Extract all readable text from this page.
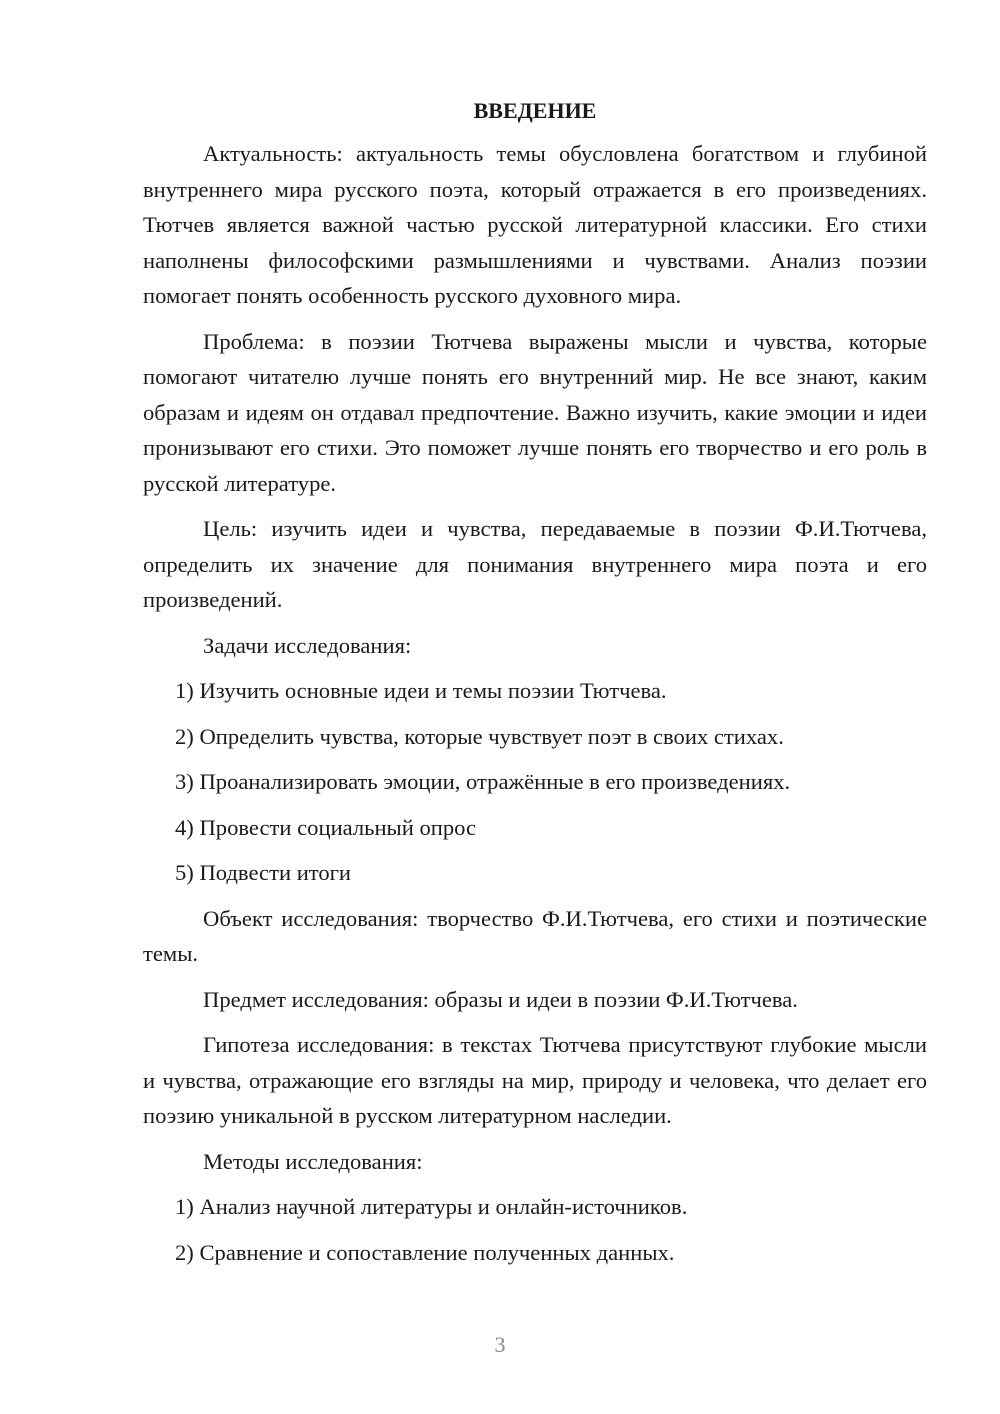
ВВЕДЕНИЕ

Актуальность: актуальность темы обусловлена богатством и глубиной внутреннего мира русского поэта, который отражается в его произведениях. Тютчев является важной частью русской литературной классики. Его стихи наполнены философскими размышлениями и чувствами. Анализ поэзии помогает понять особенность русского духовного мира.

Проблема: в поэзии Тютчева выражены мысли и чувства, которые помогают читателю лучше понять его внутренний мир. Не все знают, каким образам и идеям он отдавал предпочтение. Важно изучить, какие эмоции и идеи пронизывают его стихи. Это поможет лучше понять его творчество и его роль в русской литературе.

Цель: изучить идеи и чувства, передаваемые в поэзии Ф.И.Тютчева, определить их значение для понимания внутреннего мира поэта и его произведений.

Задачи исследования:

1) Изучить основные идеи и темы поэзии Тютчева.
2) Определить чувства, которые чувствует поэт в своих стихах.
3) Проанализировать эмоции, отражённые в его произведениях.
4) Провести социальный опрос
5) Подвести итоги

Объект исследования: творчество Ф.И.Тютчева, его стихи и поэтические темы.

Предмет исследования: образы и идеи в поэзии Ф.И.Тютчева.

Гипотеза исследования: в текстах Тютчева присутствуют глубокие мысли и чувства, отражающие его взгляды на мир, природу и человека, что делает его поэзию уникальной в русском литературном наследии.

Методы исследования:

1) Анализ научной литературы и онлайн-источников.
2) Сравнение и сопоставление полученных данных.
3
